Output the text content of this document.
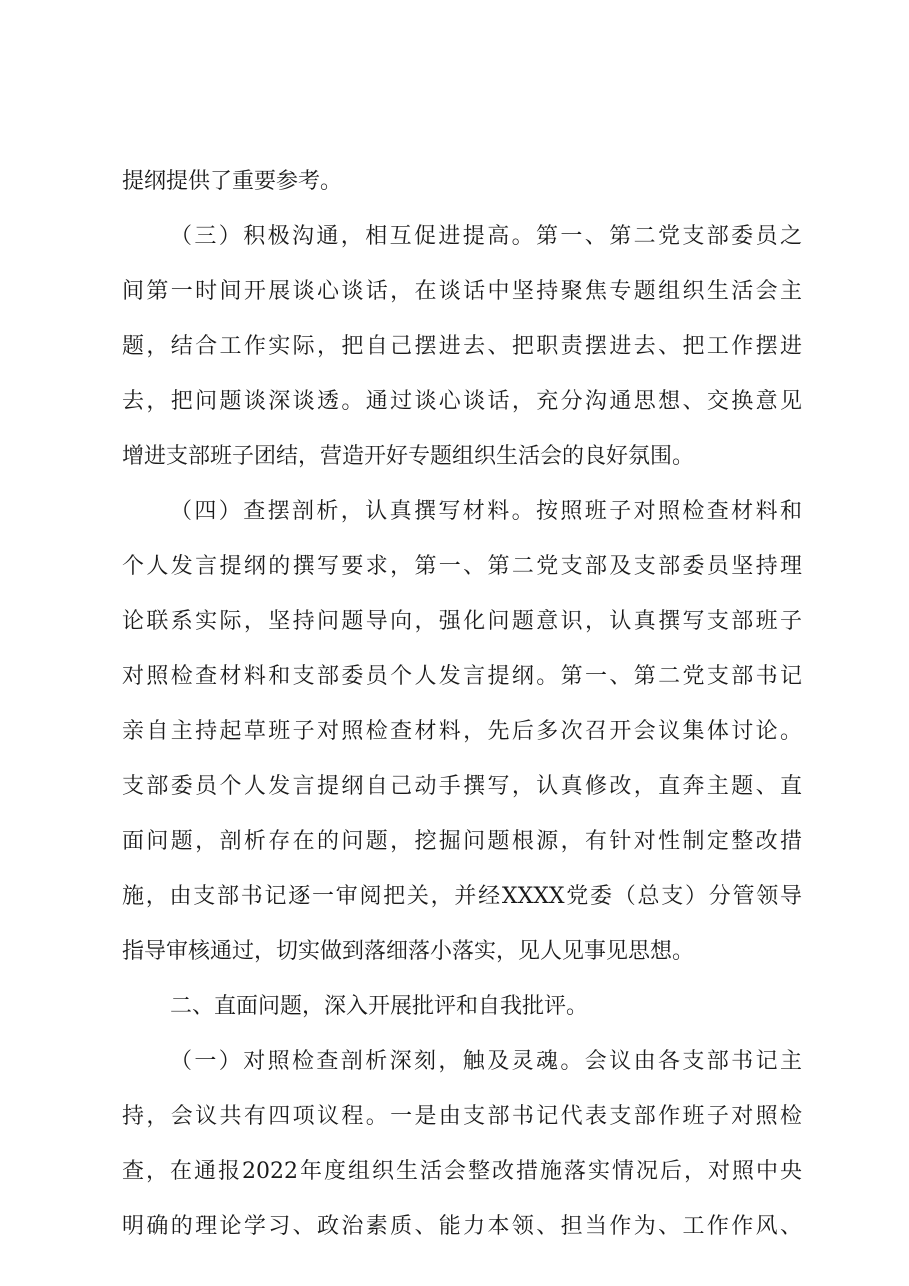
提纲提供了重要参考。
（三）积极沟通，相互促进提高。第一、第二党支部委员之
间第一时间开展谈心谈话，在谈话中坚持聚焦专题组织生活会主
题，结合工作实际，把自己摆进去、把职责摆进去、把工作摆进
去，把问题谈深谈透。通过谈心谈话，充分沟通思想、交换意见
增进支部班子团结，营造开好专题组织生活会的良好氛围。
（四）查摆剖析，认真撰写材料。按照班子对照检查材料和
个人发言提纲的撰写要求，第一、第二党支部及支部委员坚持理
论联系实际，坚持问题导向，强化问题意识，认真撰写支部班子
对照检查材料和支部委员个人发言提纲。第一、第二党支部书记
亲自主持起草班子对照检查材料，先后多次召开会议集体讨论。
支部委员个人发言提纲自己动手撰写，认真修改，直奔主题、直
面问题，剖析存在的问题，挖掘问题根源，有针对性制定整改措
施，由支部书记逐一审阅把关，并经XXXX党委（总支）分管领导
指导审核通过，切实做到落细落小落实，见人见事见思想。
二、直面问题，深入开展批评和自我批评。
（一）对照检查剖析深刻，触及灵魂。会议由各支部书记主
持，会议共有四项议程。一是由支部书记代表支部作班子对照检
查，在通报2022年度组织生活会整改措施落实情况后，对照中央
明确的理论学习、政治素质、能力本领、担当作为、工作作风、
